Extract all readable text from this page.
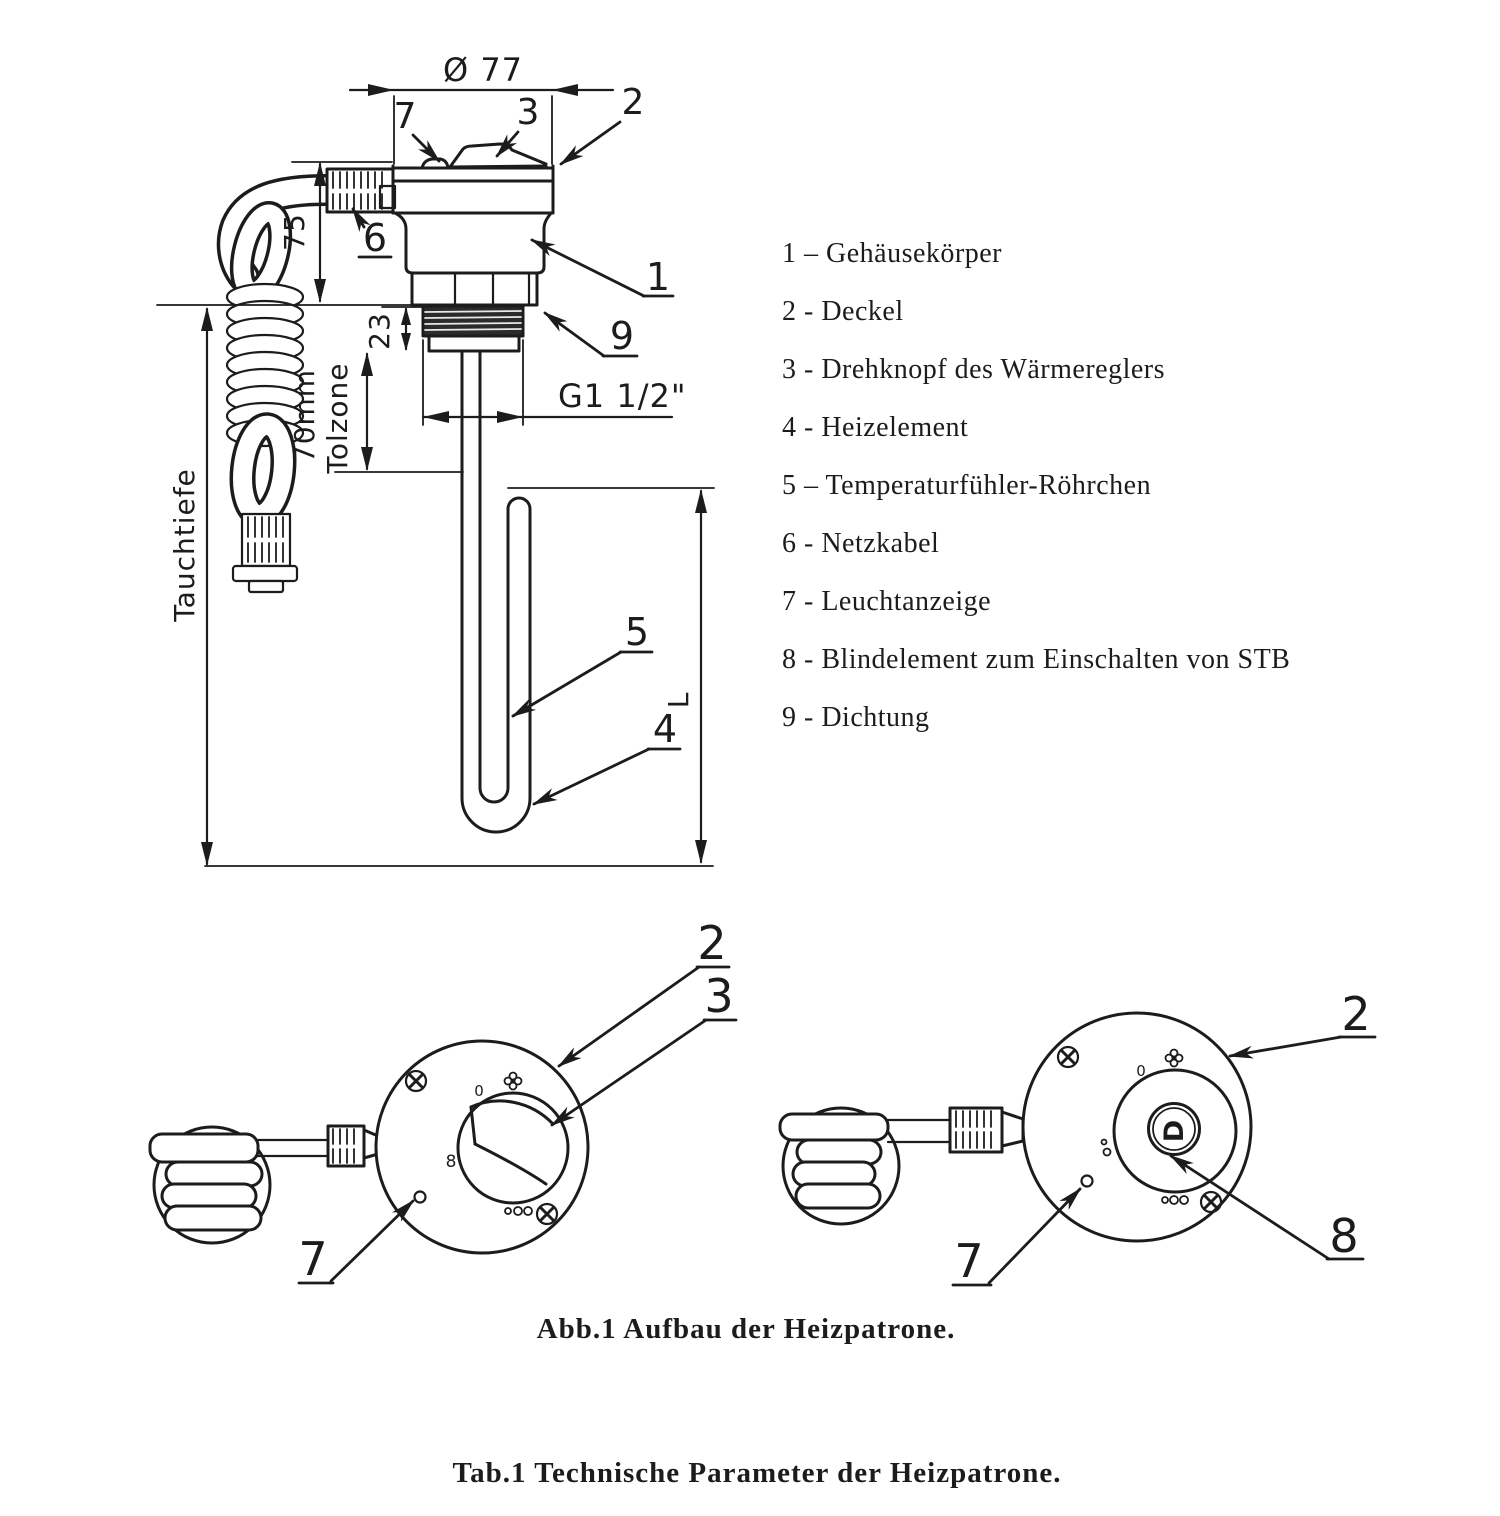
Ø 77
7	3 2
Tauchtiefe
75
23
70mm Tolzone	G1 1/2"
L
6
1
9
5
4
1 – Gehäusekörper
2 - Deckel
3 - Drehknopf des Wärmereglers
4 - Heizelement
5 – Temperaturfühler-Röhrchen
6 - Netzkabel
7 - Leuchtanzeige
8 - Blindelement zum Einschalten von STB
9 - Dichtung
0
8
2
3
7
D
0
2
8
7
Abb.1 Aufbau der Heizpatrone.
Tab.1 Technische Parameter der Heizpatrone.
